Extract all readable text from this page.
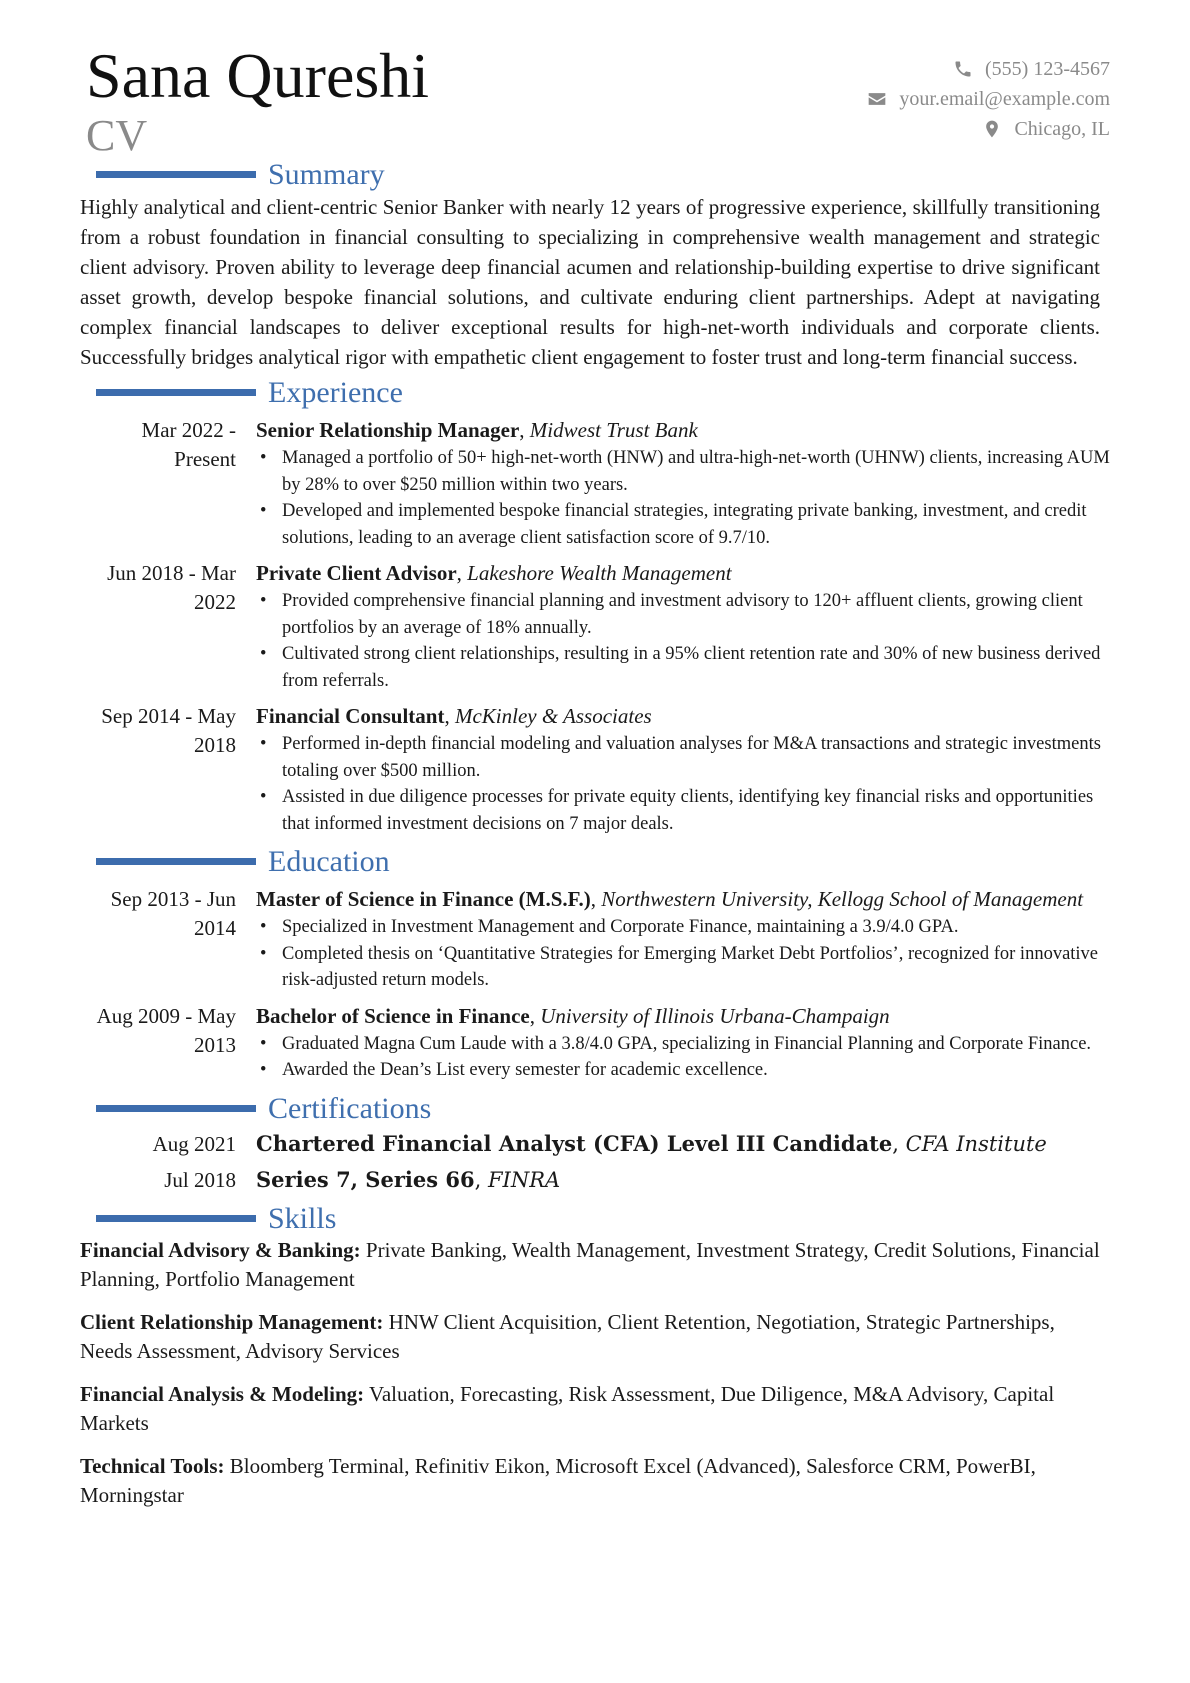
Sana Qureshi
CV
(555) 123-4567
your.email@example.com
Chicago, IL
Summary
Highly analytical and client-centric Senior Banker with nearly 12 years of progressive experience, skillfully transitioning from a robust foundation in financial consulting to specializing in comprehensive wealth management and strategic client advisory. Proven ability to leverage deep financial acumen and relationship-building expertise to drive significant asset growth, develop bespoke financial solutions, and cultivate enduring client partnerships. Adept at navigating complex financial landscapes to deliver exceptional results for high-net-worth individuals and corporate clients. Successfully bridges analytical rigor with empathetic client engagement to foster trust and long-term financial success.
Experience
Mar 2022 - Present
Senior Relationship Manager, Midwest Trust Bank
• Managed a portfolio of 50+ high-net-worth (HNW) and ultra-high-net-worth (UHNW) clients, increasing AUM by 28% to over $250 million within two years.
• Developed and implemented bespoke financial strategies, integrating private banking, investment, and credit solutions, leading to an average client satisfaction score of 9.7/10.
Jun 2018 - Mar 2022
Private Client Advisor, Lakeshore Wealth Management
• Provided comprehensive financial planning and investment advisory to 120+ affluent clients, growing client portfolios by an average of 18% annually.
• Cultivated strong client relationships, resulting in a 95% client retention rate and 30% of new business derived from referrals.
Sep 2014 - May 2018
Financial Consultant, McKinley & Associates
• Performed in-depth financial modeling and valuation analyses for M&A transactions and strategic investments totaling over $500 million.
• Assisted in due diligence processes for private equity clients, identifying key financial risks and opportunities that informed investment decisions on 7 major deals.
Education
Sep 2013 - Jun 2014
Master of Science in Finance (M.S.F.), Northwestern University, Kellogg School of Management
• Specialized in Investment Management and Corporate Finance, maintaining a 3.9/4.0 GPA.
• Completed thesis on ‘Quantitative Strategies for Emerging Market Debt Portfolios’, recognized for innovative risk-adjusted return models.
Aug 2009 - May 2013
Bachelor of Science in Finance, University of Illinois Urbana-Champaign
• Graduated Magna Cum Laude with a 3.8/4.0 GPA, specializing in Financial Planning and Corporate Finance.
• Awarded the Dean’s List every semester for academic excellence.
Certifications
Aug 2021 Chartered Financial Analyst (CFA) Level III Candidate, CFA Institute
Jul 2018 Series 7, Series 66, FINRA
Skills
Financial Advisory & Banking: Private Banking, Wealth Management, Investment Strategy, Credit Solutions, Financial Planning, Portfolio Management
Client Relationship Management: HNW Client Acquisition, Client Retention, Negotiation, Strategic Partnerships, Needs Assessment, Advisory Services
Financial Analysis & Modeling: Valuation, Forecasting, Risk Assessment, Due Diligence, M&A Advisory, Capital Markets
Technical Tools: Bloomberg Terminal, Refinitiv Eikon, Microsoft Excel (Advanced), Salesforce CRM, PowerBI, Morningstar
